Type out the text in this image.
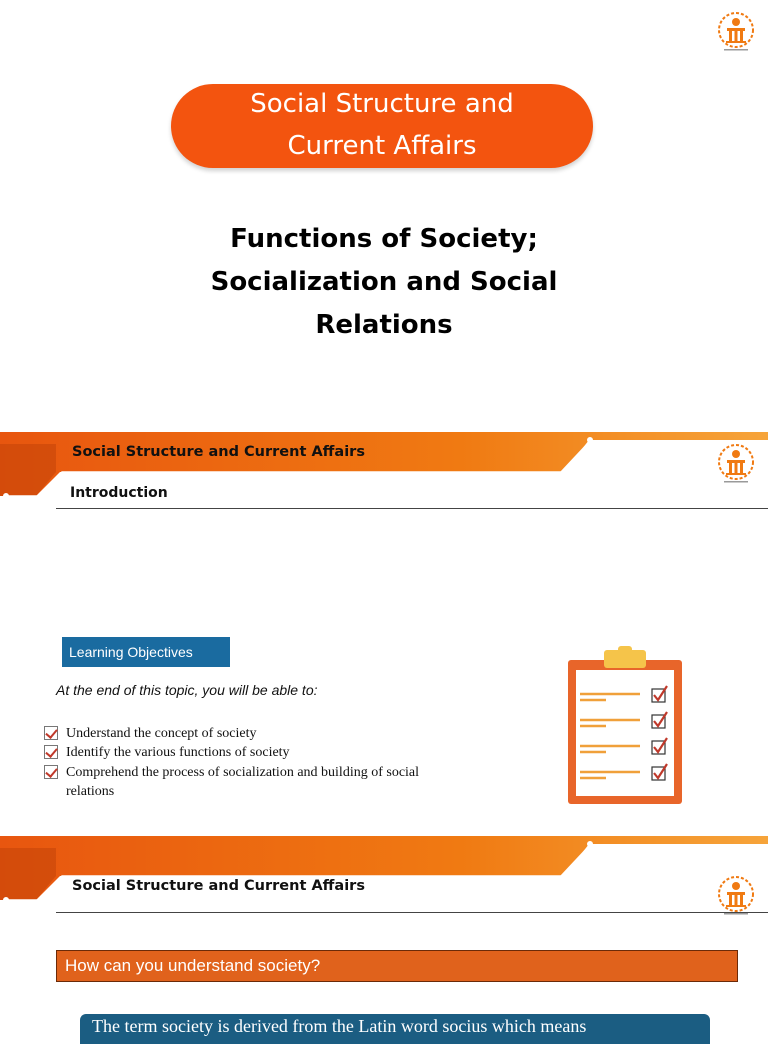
Social Structure and
Current Affairs
Functions of Society;
Socialization and Social
Relations
Social Structure and Current Affairs
Introduction
Learning Objectives
At the end of this topic, you will be able to:
Understand the concept of society
Identify the various functions of society
Comprehend the process of socialization and building of social relations
Social Structure and Current Affairs
How can you understand society?
The term society is derived from the Latin word socius which means
